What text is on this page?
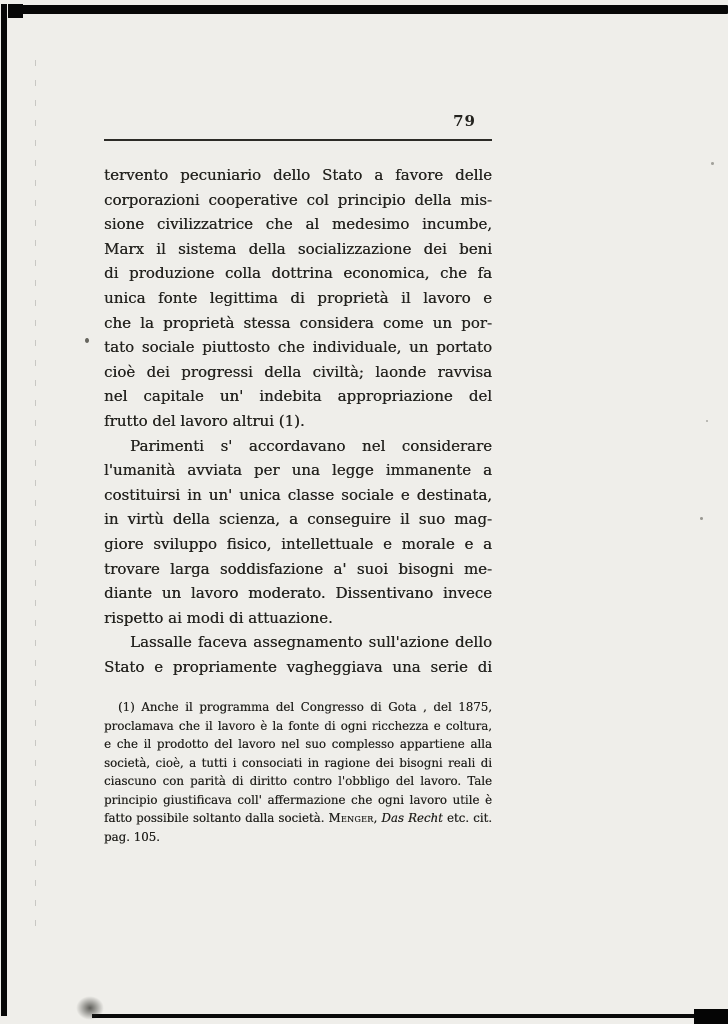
79
tervento pecuniario dello Stato a favore delle
corporazioni cooperative col principio della mis-
sione civilizzatrice che al medesimo incumbe,
Marx il sistema della socializzazione dei beni
di produzione colla dottrina economica, che fa
unica fonte legittima di proprietà il lavoro e
che la proprietà stessa considera come un por-
tato sociale piuttosto che individuale, un portato
cioè dei progressi della civiltà; laonde ravvisa
nel capitale un' indebita appropriazione del
frutto del lavoro altrui (1).
Parimenti s' accordavano nel considerare
l'umanità avviata per una legge immanente a
costituirsi in un' unica classe sociale e destinata,
in virtù della scienza, a conseguire il suo mag-
giore sviluppo fisico, intellettuale e morale e a
trovare larga soddisfazione a' suoi bisogni me-
diante un lavoro moderato. Dissentivano invece
rispetto ai modi di attuazione.
Lassalle faceva assegnamento sull'azione dello
Stato e propriamente vagheggiava una serie di
(1) Anche il programma del Congresso di Gota , del 1875,
proclamava che il lavoro è la fonte di ogni ricchezza e coltura,
e che il prodotto del lavoro nel suo complesso appartiene alla
società, cioè, a tutti i consociati in ragione dei bisogni reali di
ciascuno con parità di diritto contro l'obbligo del lavoro. Tale
principio giustificava coll' affermazione che ogni lavoro utile è
fatto possibile soltanto dalla società. Menger, Das Recht etc. cit.
pag. 105.
